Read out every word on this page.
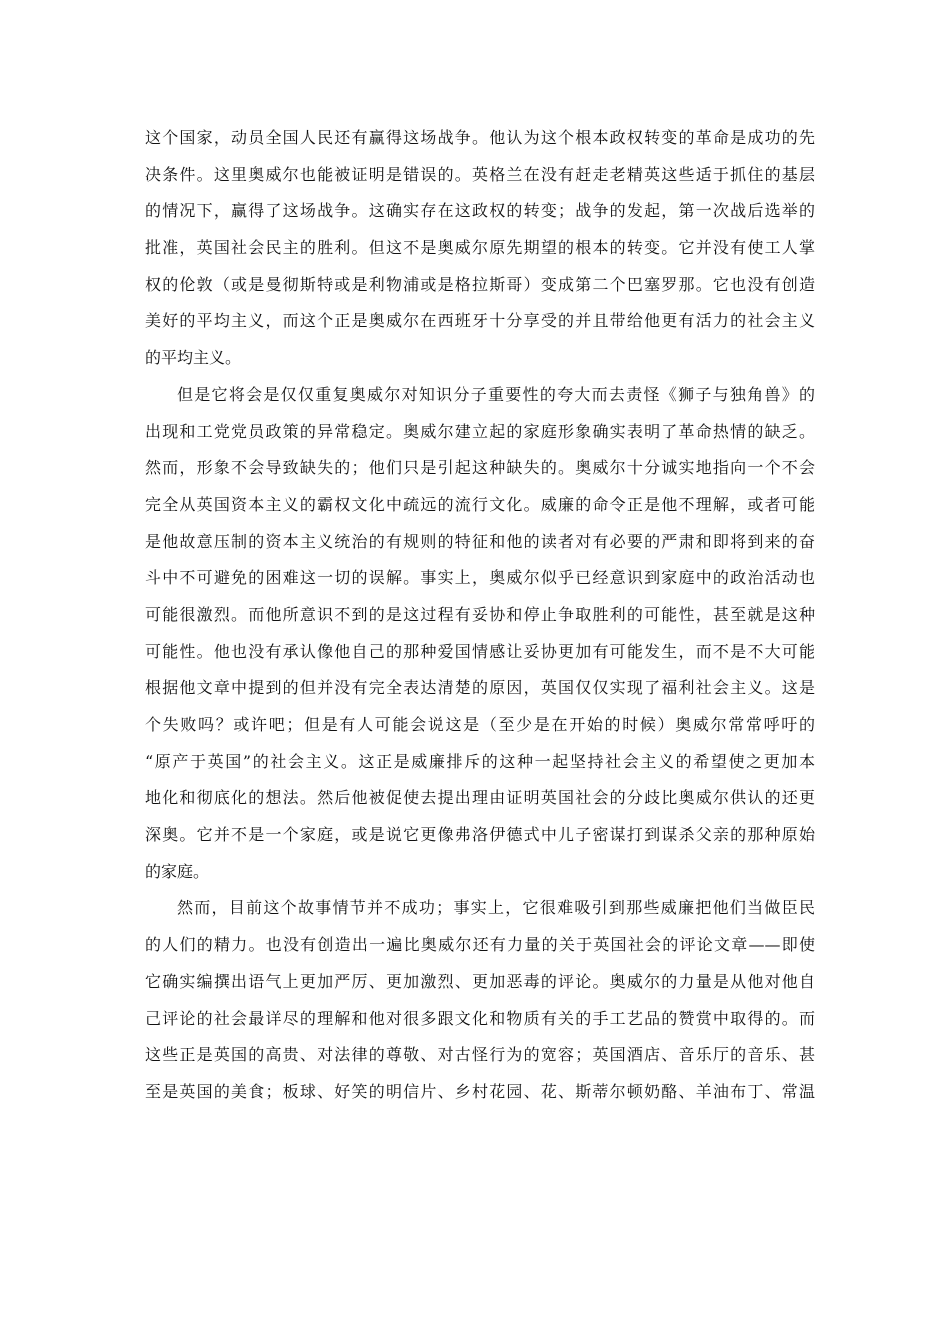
这个国家，动员全国人民还有赢得这场战争。他认为这个根本政权转变的革命是成功的先
决条件。这里奥威尔也能被证明是错误的。英格兰在没有赶走老精英这些适于抓住的基层
的情况下，赢得了这场战争。这确实存在这政权的转变；战争的发起，第一次战后选举的
批准，英国社会民主的胜利。但这不是奥威尔原先期望的根本的转变。它并没有使工人掌
权的伦敦（或是曼彻斯特或是利物浦或是格拉斯哥）变成第二个巴塞罗那。它也没有创造
美好的平均主义，而这个正是奥威尔在西班牙十分享受的并且带给他更有活力的社会主义
的平均主义。
但是它将会是仅仅重复奥威尔对知识分子重要性的夸大而去责怪《狮子与独角兽》的
出现和工党党员政策的异常稳定。奥威尔建立起的家庭形象确实表明了革命热情的缺乏。
然而，形象不会导致缺失的；他们只是引起这种缺失的。奥威尔十分诚实地指向一个不会
完全从英国资本主义的霸权文化中疏远的流行文化。威廉的命令正是他不理解，或者可能
是他故意压制的资本主义统治的有规则的特征和他的读者对有必要的严肃和即将到来的奋
斗中不可避免的困难这一切的误解。事实上，奥威尔似乎已经意识到家庭中的政治活动也
可能很激烈。而他所意识不到的是这过程有妥协和停止争取胜利的可能性，甚至就是这种
可能性。他也没有承认像他自己的那种爱国情感让妥协更加有可能发生，而不是不大可能
根据他文章中提到的但并没有完全表达清楚的原因，英国仅仅实现了福利社会主义。这是
个失败吗？或许吧；但是有人可能会说这是（至少是在开始的时候）奥威尔常常呼吁的
“原产于英国”的社会主义。这正是威廉排斥的这种一起坚持社会主义的希望使之更加本
地化和彻底化的想法。然后他被促使去提出理由证明英国社会的分歧比奥威尔供认的还更
深奥。它并不是一个家庭，或是说它更像弗洛伊德式中儿子密谋打到谋杀父亲的那种原始
的家庭。
然而，目前这个故事情节并不成功；事实上，它很难吸引到那些威廉把他们当做臣民
的人们的精力。也没有创造出一遍比奥威尔还有力量的关于英国社会的评论文章——即使
它确实编撰出语气上更加严厉、更加激烈、更加恶毒的评论。奥威尔的力量是从他对他自
己评论的社会最详尽的理解和他对很多跟文化和物质有关的手工艺品的赞赏中取得的。而
这些正是英国的高贵、对法律的尊敬、对古怪行为的宽容；英国酒店、音乐厅的音乐、甚
至是英国的美食；板球、好笑的明信片、乡村花园、花、斯蒂尔顿奶酪、羊油布丁、常温
